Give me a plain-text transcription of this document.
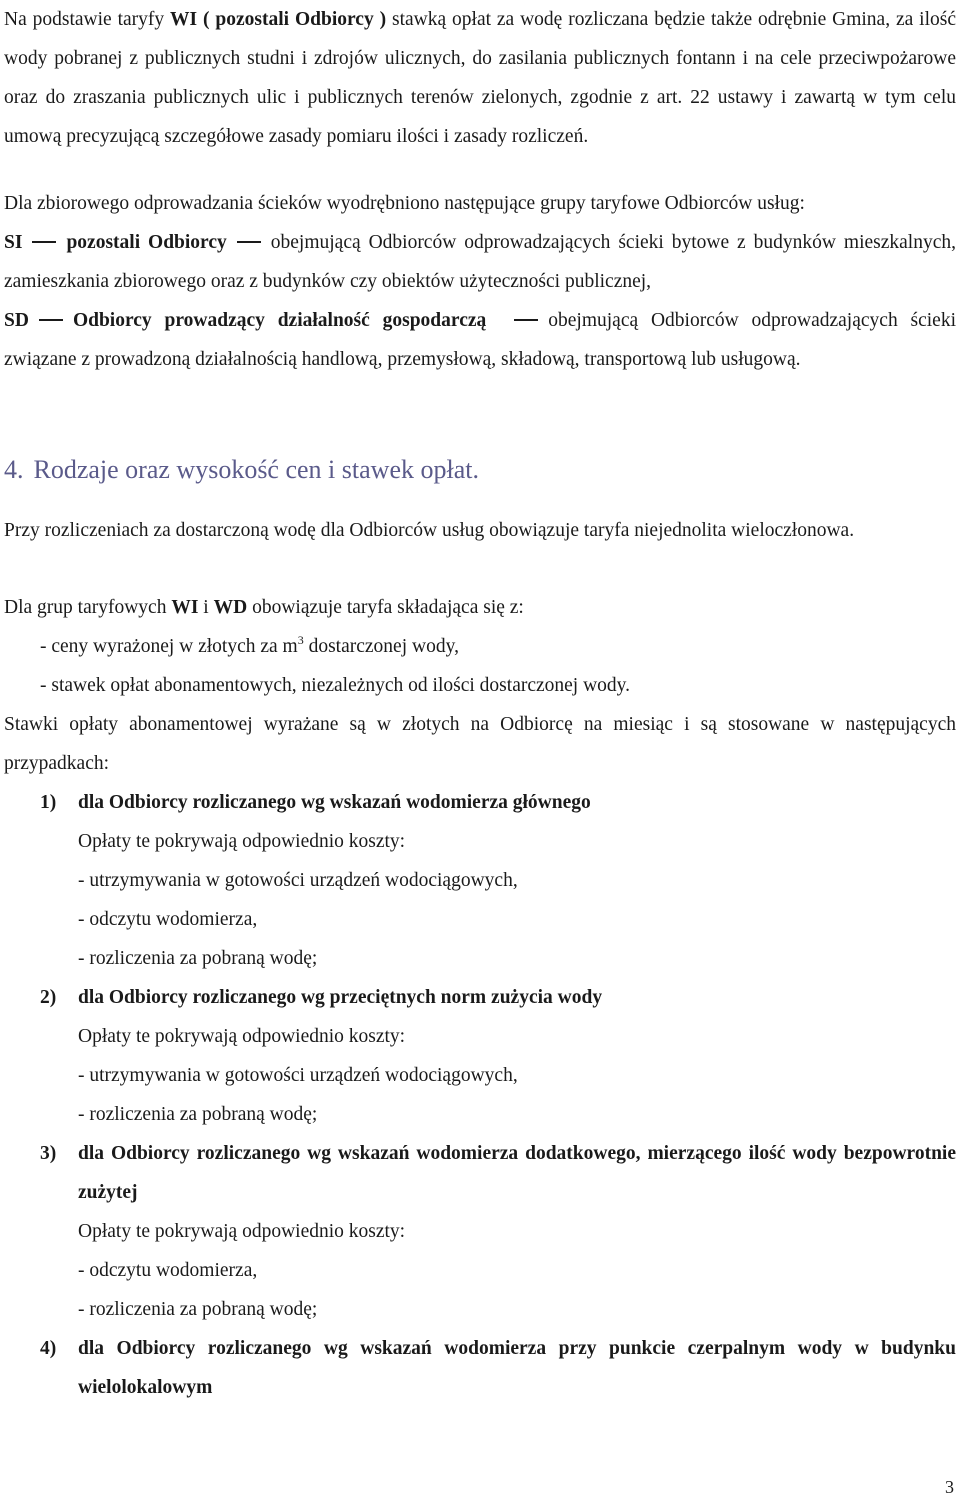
Na podstawie taryfy WI ( pozostali Odbiorcy ) stawką opłat za wodę rozliczana będzie także odrębnie Gmina, za ilość wody pobranej z publicznych studni i zdrojów ulicznych, do zasilania publicznych fontann i na cele przeciwpożarowe oraz do zraszania publicznych ulic i publicznych terenów zielonych, zgodnie z art. 22 ustawy i zawartą w tym celu umową precyzującą szczegółowe zasady pomiaru ilości i zasady rozliczeń.

Dla zbiorowego odprowadzania ścieków wyodrębniono następujące grupy taryfowe Odbiorców usług:

SI pozostali Odbiorcy obejmującą Odbiorców odprowadzających ścieki bytowe z budynków mieszkalnych, zamieszkania zbiorowego oraz z budynków czy obiektów użyteczności publicznej,

SD Odbiorcy prowadzący działalność gospodarczą	obejmującą Odbiorców odprowadzających ścieki związane z prowadzoną działalnością handlową, przemysłową, składową, transportową lub usługową.

4. Rodzaje oraz wysokość cen i stawek opłat.

Przy rozliczeniach za dostarczoną wodę dla Odbiorców usług obowiązuje taryfa niejednolita wieloczłonowa.

Dla grup taryfowych WI i WD obowiązuje taryfa składająca się z:

- ceny wyrażonej w złotych za $m^3$ dostarczonej wody,

- stawek opłat abonamentowych, niezależnych od ilości dostarczonej wody.

Stawki opłaty abonamentowej wyrażane są w złotych na Odbiorcę na miesiąc i są stosowane w następujących przypadkach:

1) dla Odbiorcy rozliczanego wg wskazań wodomierza głównego

Opłaty te pokrywają odpowiednio koszty:

- utrzymywania w gotowości urządzeń wodociągowych,

- odczytu wodomierza,

- rozliczenia za pobraną wodę;

2) dla Odbiorcy rozliczanego wg przeciętnych norm zużycia wody

Opłaty te pokrywają odpowiednio koszty:

- utrzymywania w gotowości urządzeń wodociągowych,

- rozliczenia za pobraną wodę;

3) dla Odbiorcy rozliczanego wg wskazań wodomierza dodatkowego, mierzącego ilość wody bezpowrotnie zużytej

Opłaty te pokrywają odpowiednio koszty:

- odczytu wodomierza,

- rozliczenia za pobraną wodę;

4) dla Odbiorcy rozliczanego wg wskazań wodomierza przy punkcie czerpalnym wody w budynku wielolokalowym

3
